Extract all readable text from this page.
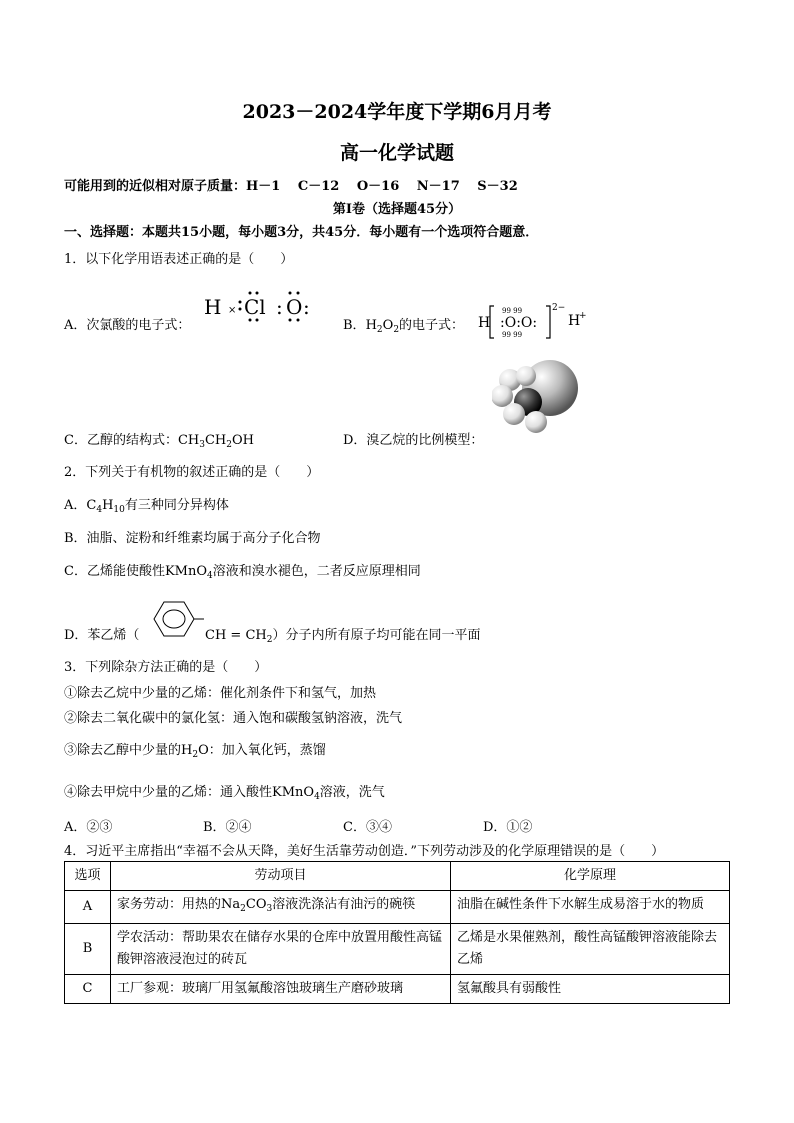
2023－2024学年度下学期6月月考
高一化学试题
可能用到的近似相对原子质量：H－1　 C－12　 O－16　 N－17　 S－32
第Ⅰ卷（选择题45分）
一、选择题：本题共15小题，每小题3分，共45分．每小题有一个选项符合题意．
1．以下化学用语表述正确的是（　　）
A．次氯酸的电子式：
H × Cl : O :
B．$H_2O_2$的电子式： H :O:O:
99 99
99 99
2−
H
+
C．乙醇的结构式：$CH_3CH_2OH$	D．溴乙烷的比例模型：
2．下列关于有机物的叙述正确的是（　　）
A．$C_4H_{10}$有三种同分异构体
B．油脂、淀粉和纤维素均属于高分子化合物
C．乙烯能使酸性KMnO$_4$溶液和溴水褪色，二者反应原理相同
D．苯乙烯（	CH = $CH_2$）分子内所有原子均可能在同一平面
3．下列除杂方法正确的是（　　）
①除去乙烷中少量的乙烯：催化剂条件下和氢气，加热
②除去二氧化碳中的氯化氢：通入饱和碳酸氢钠溶液，洗气
③除去乙醇中少量的$H_2O$：加入氧化钙，蒸馏
④除去甲烷中少量的乙烯：通入酸性KMnO$_4$溶液，洗气
A．②③	B．②④	C．③④	D．①②
4．习近平主席指出“幸福不会从天降，美好生活靠劳动创造．”下列劳动涉及的化学原理错误的是（　　）
选项	劳动项目	化学原理
A	家务劳动：用热的$Na_2CO_3$溶液洗涤沾有油污的碗筷	油脂在碱性条件下水解生成易溶于水的物质
B	学农活动：帮助果农在储存水果的仓库中放置用酸性高锰酸钾溶液浸泡过的砖瓦	乙烯是水果催熟剂，酸性高锰酸钾溶液能除去乙烯
C	工厂参观：玻璃厂用氢氟酸溶蚀玻璃生产磨砂玻璃	氢氟酸具有弱酸性
